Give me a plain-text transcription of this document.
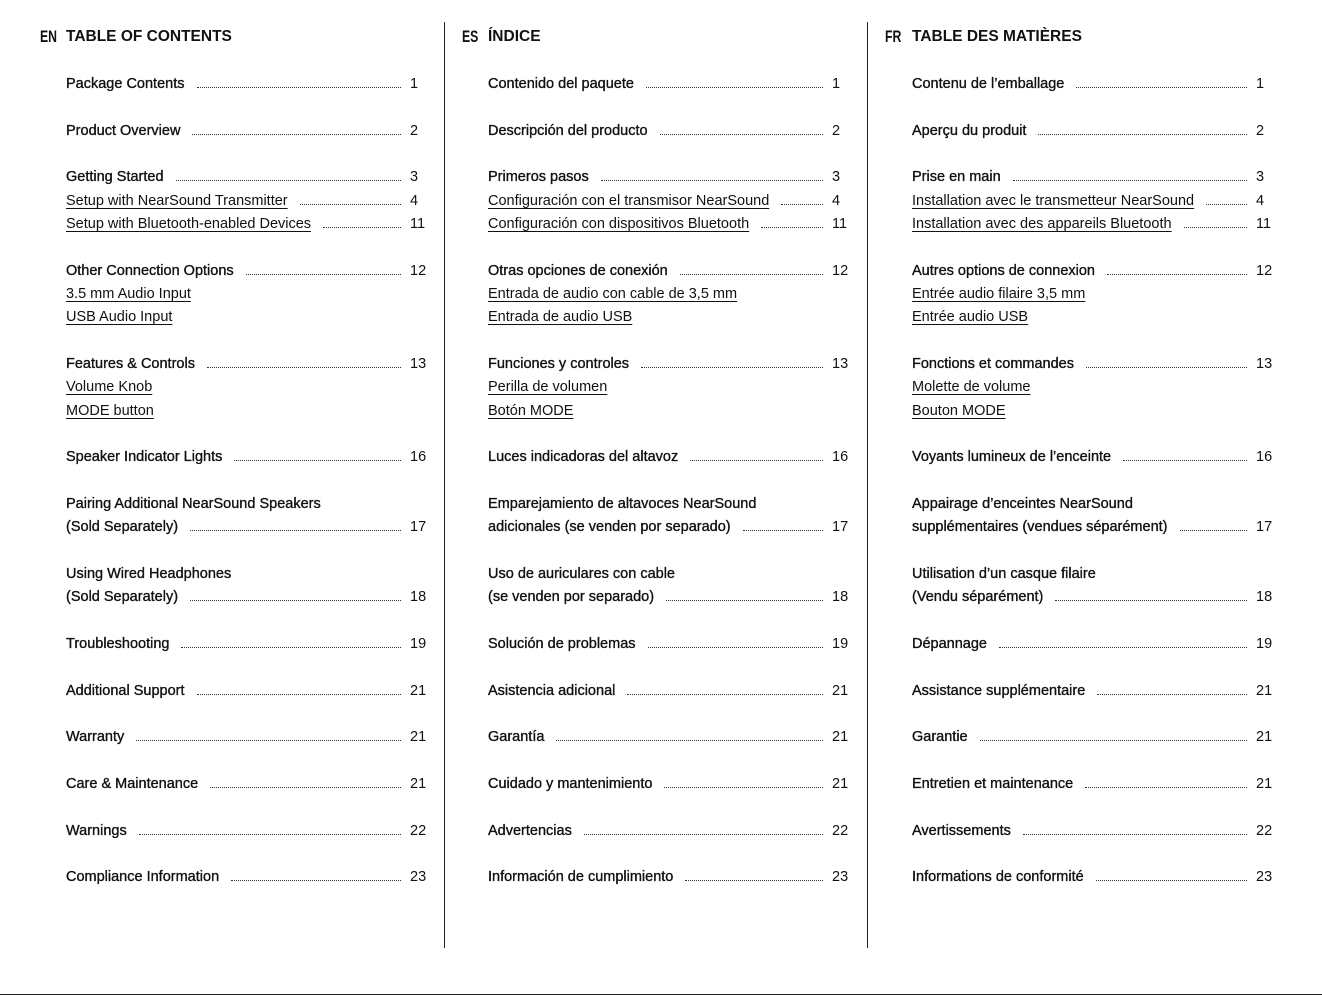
EN TABLE OF CONTENTS
Package Contents	1
Product Overview	2
Getting Started	3
Setup with NearSound Transmitter	4
Setup with Bluetooth-enabled Devices	11
Other Connection Options	12
3.5 mm Audio Input
USB Audio Input
Features & Controls	13
Volume Knob
MODE button
Speaker Indicator Lights	16
Pairing Additional NearSound Speakers
(Sold Separately)	17
Using Wired Headphones
(Sold Separately)	18
Troubleshooting	19
Additional Support	21
Warranty	21
Care & Maintenance	21
Warnings	22
Compliance Information	23
ES ÍNDICE
Contenido del paquete	1
Descripción del producto	2
Primeros pasos	3
Configuración con el transmisor NearSound	4
Configuración con dispositivos Bluetooth	11
Otras opciones de conexión	12
Entrada de audio con cable de 3,5 mm
Entrada de audio USB
Funciones y controles	13
Perilla de volumen
Botón MODE
Luces indicadoras del altavoz	16
Emparejamiento de altavoces NearSound
adicionales (se venden por separado)	17
Uso de auriculares con cable
(se venden por separado)	18
Solución de problemas	19
Asistencia adicional	21
Garantía	21
Cuidado y mantenimiento	21
Advertencias	22
Información de cumplimiento	23
FR TABLE DES MATIÈRES
Contenu de l’emballage	1
Aperçu du produit	2
Prise en main	3
Installation avec le transmetteur NearSound	4
Installation avec des appareils Bluetooth	11
Autres options de connexion	12
Entrée audio filaire 3,5 mm
Entrée audio USB
Fonctions et commandes	13
Molette de volume
Bouton MODE
Voyants lumineux de l’enceinte	16
Appairage d’enceintes NearSound
supplémentaires (vendues séparément)	17
Utilisation d’un casque filaire
(Vendu séparément)	18
Dépannage	19
Assistance supplémentaire	21
Garantie	21
Entretien et maintenance	21
Avertissements	22
Informations de conformité	23
